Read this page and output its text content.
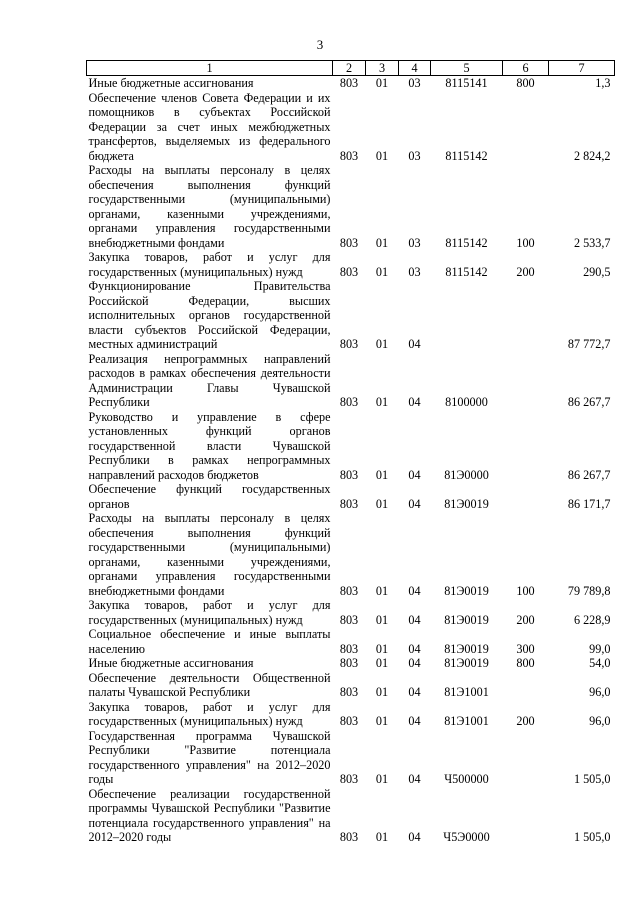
3
1	2	3	4	5	6	7
Иные бюджетные ассигнования	803	01	03	8115141	800	1,3
Обеспечение членов Совета Федерации и их помощников в субъектах Российской Федерации за счет иных межбюджетных трансфертов, выделяемых из федерального бюджета	803	01	03	8115142		2 824,2
Расходы на выплаты персоналу в целях обеспечения выполнения функций государственными (муниципальными) органами, казенными учреждениями, органами управления государственными внебюджетными фондами	803	01	03	8115142	100	2 533,7
Закупка товаров, работ и услуг для государственных (муниципальных) нужд	803	01	03	8115142	200	290,5
Функционирование Правительства Российской Федерации, высших исполнительных органов государственной власти субъектов Российской Федерации, местных администраций	803	01	04			87 772,7
Реализация непрограммных направлений расходов в рамках обеспечения деятельности Администрации Главы Чувашской Республики	803	01	04	8100000		86 267,7
Руководство и управление в сфере установленных функций органов государственной власти Чувашской Республики в рамках непрограммных направлений расходов бюджетов	803	01	04	81Э0000		86 267,7
Обеспечение функций государственных органов	803	01	04	81Э0019		86 171,7
Расходы на выплаты персоналу в целях обеспечения выполнения функций государственными (муниципальными) органами, казенными учреждениями, органами управления государственными внебюджетными фондами	803	01	04	81Э0019	100	79 789,8
Закупка товаров, работ и услуг для государственных (муниципальных) нужд	803	01	04	81Э0019	200	6 228,9
Социальное обеспечение и иные выплаты населению	803	01	04	81Э0019	300	99,0
Иные бюджетные ассигнования	803	01	04	81Э0019	800	54,0
Обеспечение деятельности Общественной палаты Чувашской Республики	803	01	04	81Э1001		96,0
Закупка товаров, работ и услуг для государственных (муниципальных) нужд	803	01	04	81Э1001	200	96,0
Государственная программа Чувашской Республики "Развитие потенциала государственного управления" на 2012–2020 годы	803	01	04	Ч500000		1 505,0
Обеспечение реализации государственной программы Чувашской Республики "Развитие потенциала государственного управления" на 2012–2020 годы	803	01	04	Ч5Э0000		1 505,0
